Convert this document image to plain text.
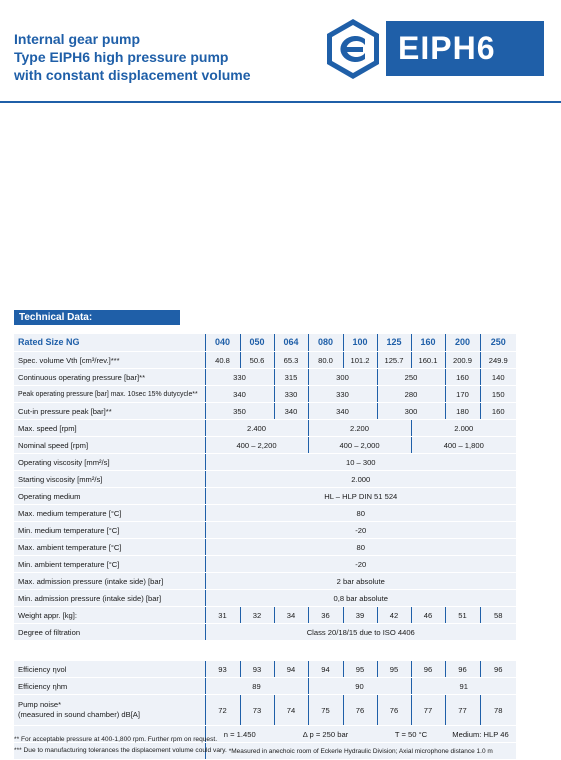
Internal gear pump
Type EIPH6 high pressure pump
with constant displacement volume
EIPH6
Technical Data:
Rated Size NG	040	050	064	080	100	125	160	200	250
Spec. volume Vth [cm³/rev.]***	40.8	50.6	65.3	80.0	101.2	125.7	160.1	200.9	249.9
Continuous operating pressure [bar]**	330		315	300		250		160	140
Peak operating pressure [bar] max. 10sec 15% dutycycle**	340		330	330		280		170	150
Cut-in pressure peak [bar]**	350		340	340		300		180	160
Max. speed [rpm]	2.400			2.200			2.000		
Nominal speed [rpm]	400 – 2,200			400 – 2,000			400 – 1,800		
Operating viscosity [mm²/s]	10 – 300								
Starting viscosity [mm²/s]	2.000								
Operating medium	HL – HLP DIN 51 524								
Max. medium temperature [°C]	80								
Min. medium temperature [°C]	-20								
Max. ambient temperature [°C]	80								
Min. ambient temperature [°C]	-20								
Max. admission pressure (intake side) [bar]	2 bar absolute								
Min. admission pressure (intake side) [bar]	0,8 bar absolute								
Weight appr. [kg]:	31	32	34	36	39	42	46	51	58
Degree of filtration	Class 20/18/15 due to ISO 4406								

Efficiency ηvol	93	93	94	94	95	95	96	96	96
Efficiency ηhm	89			90			91		
Pump noise*
(measured in sound chamber) dB[A]	72	73	74	75	76	76	77	77	78
	n = 1.450		Δ p = 250 bar			T = 50 °C		Medium: HLP 46	
	*Measured in anechoic room of Eckerle Hydraulic Division; Axial microphone distance 1.0 m								
** For acceptable pressure at 400-1,800 rpm. Further rpm on request.
*** Due to manufacturing tolerances the displacement volume could vary.
